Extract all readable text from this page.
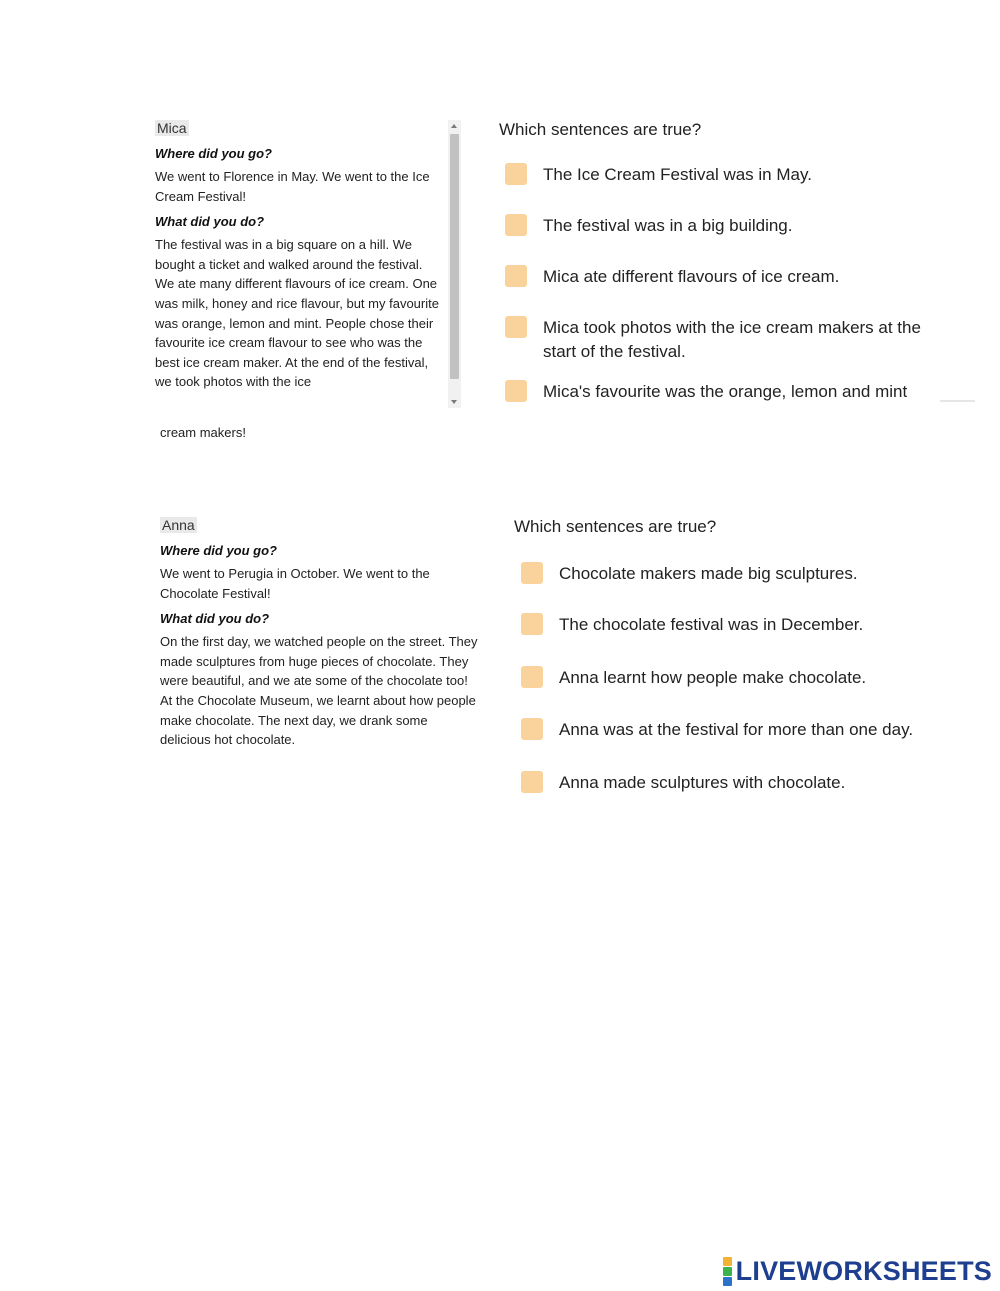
Mica
Where did you go?
We went to Florence in May. We went to the Ice Cream Festival!
What did you do?
The festival was in a big square on a hill. We bought a ticket and walked around the festival. We ate many different flavours of ice cream. One was milk, honey and rice flavour, but my favourite was orange, lemon and mint. People chose their favourite ice cream flavour to see who was the best ice cream maker. At the end of the festival, we took photos with the ice
cream makers!
Which sentences are true?
The Ice Cream Festival was in May.
The festival was in a big building.
Mica ate different flavours of ice cream.
Mica took photos with the ice cream makers at the start of the festival.
Mica's favourite was the orange, lemon and mint
Anna
Where did you go?
We went to Perugia in October. We went to the Chocolate Festival!
What did you do?
On the first day, we watched people on the street. They made sculptures from huge pieces of chocolate. They were beautiful, and we ate some of the chocolate too! At the Chocolate Museum, we learnt about how people make chocolate. The next day, we drank some delicious hot chocolate.
Which sentences are true?
Chocolate makers made big sculptures.
The chocolate festival was in December.
Anna learnt how people make chocolate.
Anna was at the festival for more than one day.
Anna made sculptures with chocolate.
LIVEWORKSHEETS
